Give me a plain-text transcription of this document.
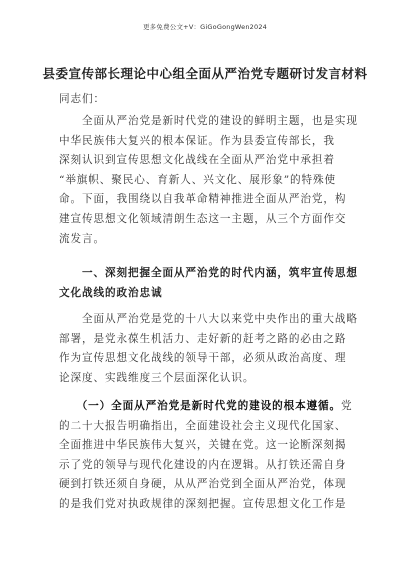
更多免费公文+V：GiGoGongWen2024
县委宣传部长理论中心组全面从严治党专题研讨发言材料
同志们：
　　全面从严治党是新时代党的建设的鲜明主题，也是实现
中华民族伟大复兴的根本保证。作为县委宣传部长，我
深刻认识到宣传思想文化战线在全面从严治党中承担着
“举旗帜、聚民心、育新人、兴文化、展形象”的特殊使
命。下面，我围绕以自我革命精神推进全面从严治党，构
建宣传思想文化领域清朗生态这一主题，从三个方面作交
流发言。
　　一、深刻把握全面从严治党的时代内涵，筑牢宣传思想
文化战线的政治忠诚
　　全面从严治党是党的十八大以来党中央作出的重大战略
部署，是党永葆生机活力、走好新的赶考之路的必由之路
作为宣传思想文化战线的领导干部，必须从政治高度、理
论深度、实践维度三个层面深化认识。
　　（一）全面从严治党是新时代党的建设的根本遵循。党
的二十大报告明确指出，全面建设社会主义现代化国家、
全面推进中华民族伟大复兴，关键在党。这一论断深刻揭
示了党的领导与现代化建设的内在逻辑。从打铁还需自身
硬到打铁还须自身硬，从从严治党到全面从严治党，体现
的是我们党对执政规律的深刻把握。宣传思想文化工作是
